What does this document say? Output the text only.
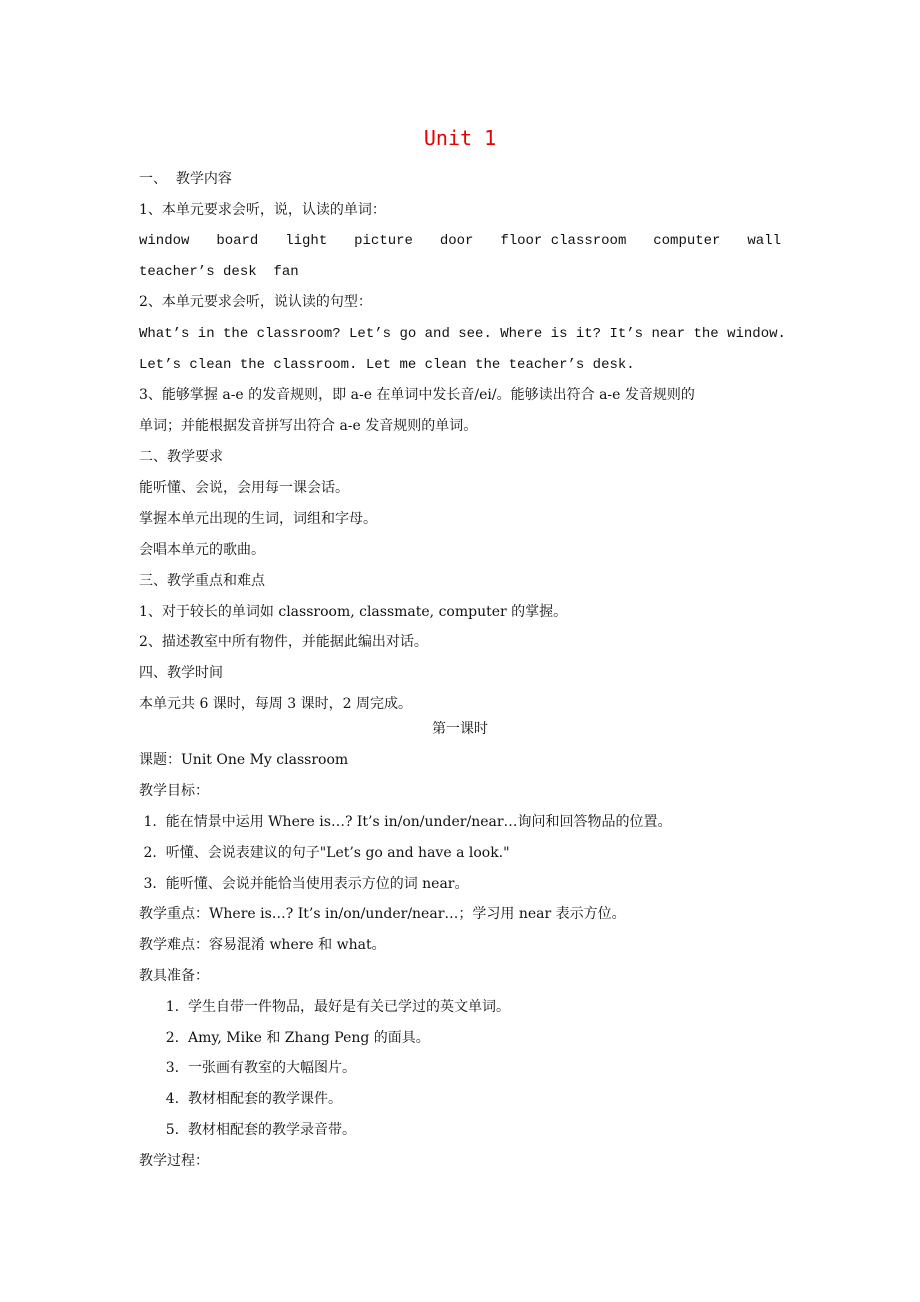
Unit 1
一、  教学内容
1、本单元要求会听，说，认读的单词：
window board light picture door floor classroom computer wall
teacher’s desk  fan
2、本单元要求会听，说认读的句型：
What’s in the classroom? Let’s go and see. Where is it? It’s near the window.
Let’s clean the classroom. Let me clean the teacher’s desk.
3、能够掌握 a-e 的发音规则，即 a-e 在单词中发长音/ei/。能够读出符合 a-e 发音规则的
单词；并能根据发音拼写出符合 a-e 发音规则的单词。
二、教学要求
能听懂、会说，会用每一课会话。
掌握本单元出现的生词，词组和字母。
会唱本单元的歌曲。
三、教学重点和难点
1、对于较长的单词如 classroom, classmate, computer 的掌握。
2、描述教室中所有物件，并能据此编出对话。
四、教学时间
本单元共 6 课时，每周 3 课时，2 周完成。
第一课时
课题：Unit One My classroom
教学目标：
1.  能在情景中运用 Where is…? It’s in/on/under/near…询问和回答物品的位置。
2.  听懂、会说表建议的句子"Let’s go and have a look."
3.  能听懂、会说并能恰当使用表示方位的词 near。
教学重点：Where is…? It’s in/on/under/near…；学习用 near 表示方位。
教学难点：容易混淆 where 和 what。
教具准备：
1.  学生自带一件物品，最好是有关已学过的英文单词。
2.  Amy, Mike 和 Zhang Peng 的面具。
3.  一张画有教室的大幅图片。
4.  教材相配套的教学课件。
5.  教材相配套的教学录音带。
教学过程：
